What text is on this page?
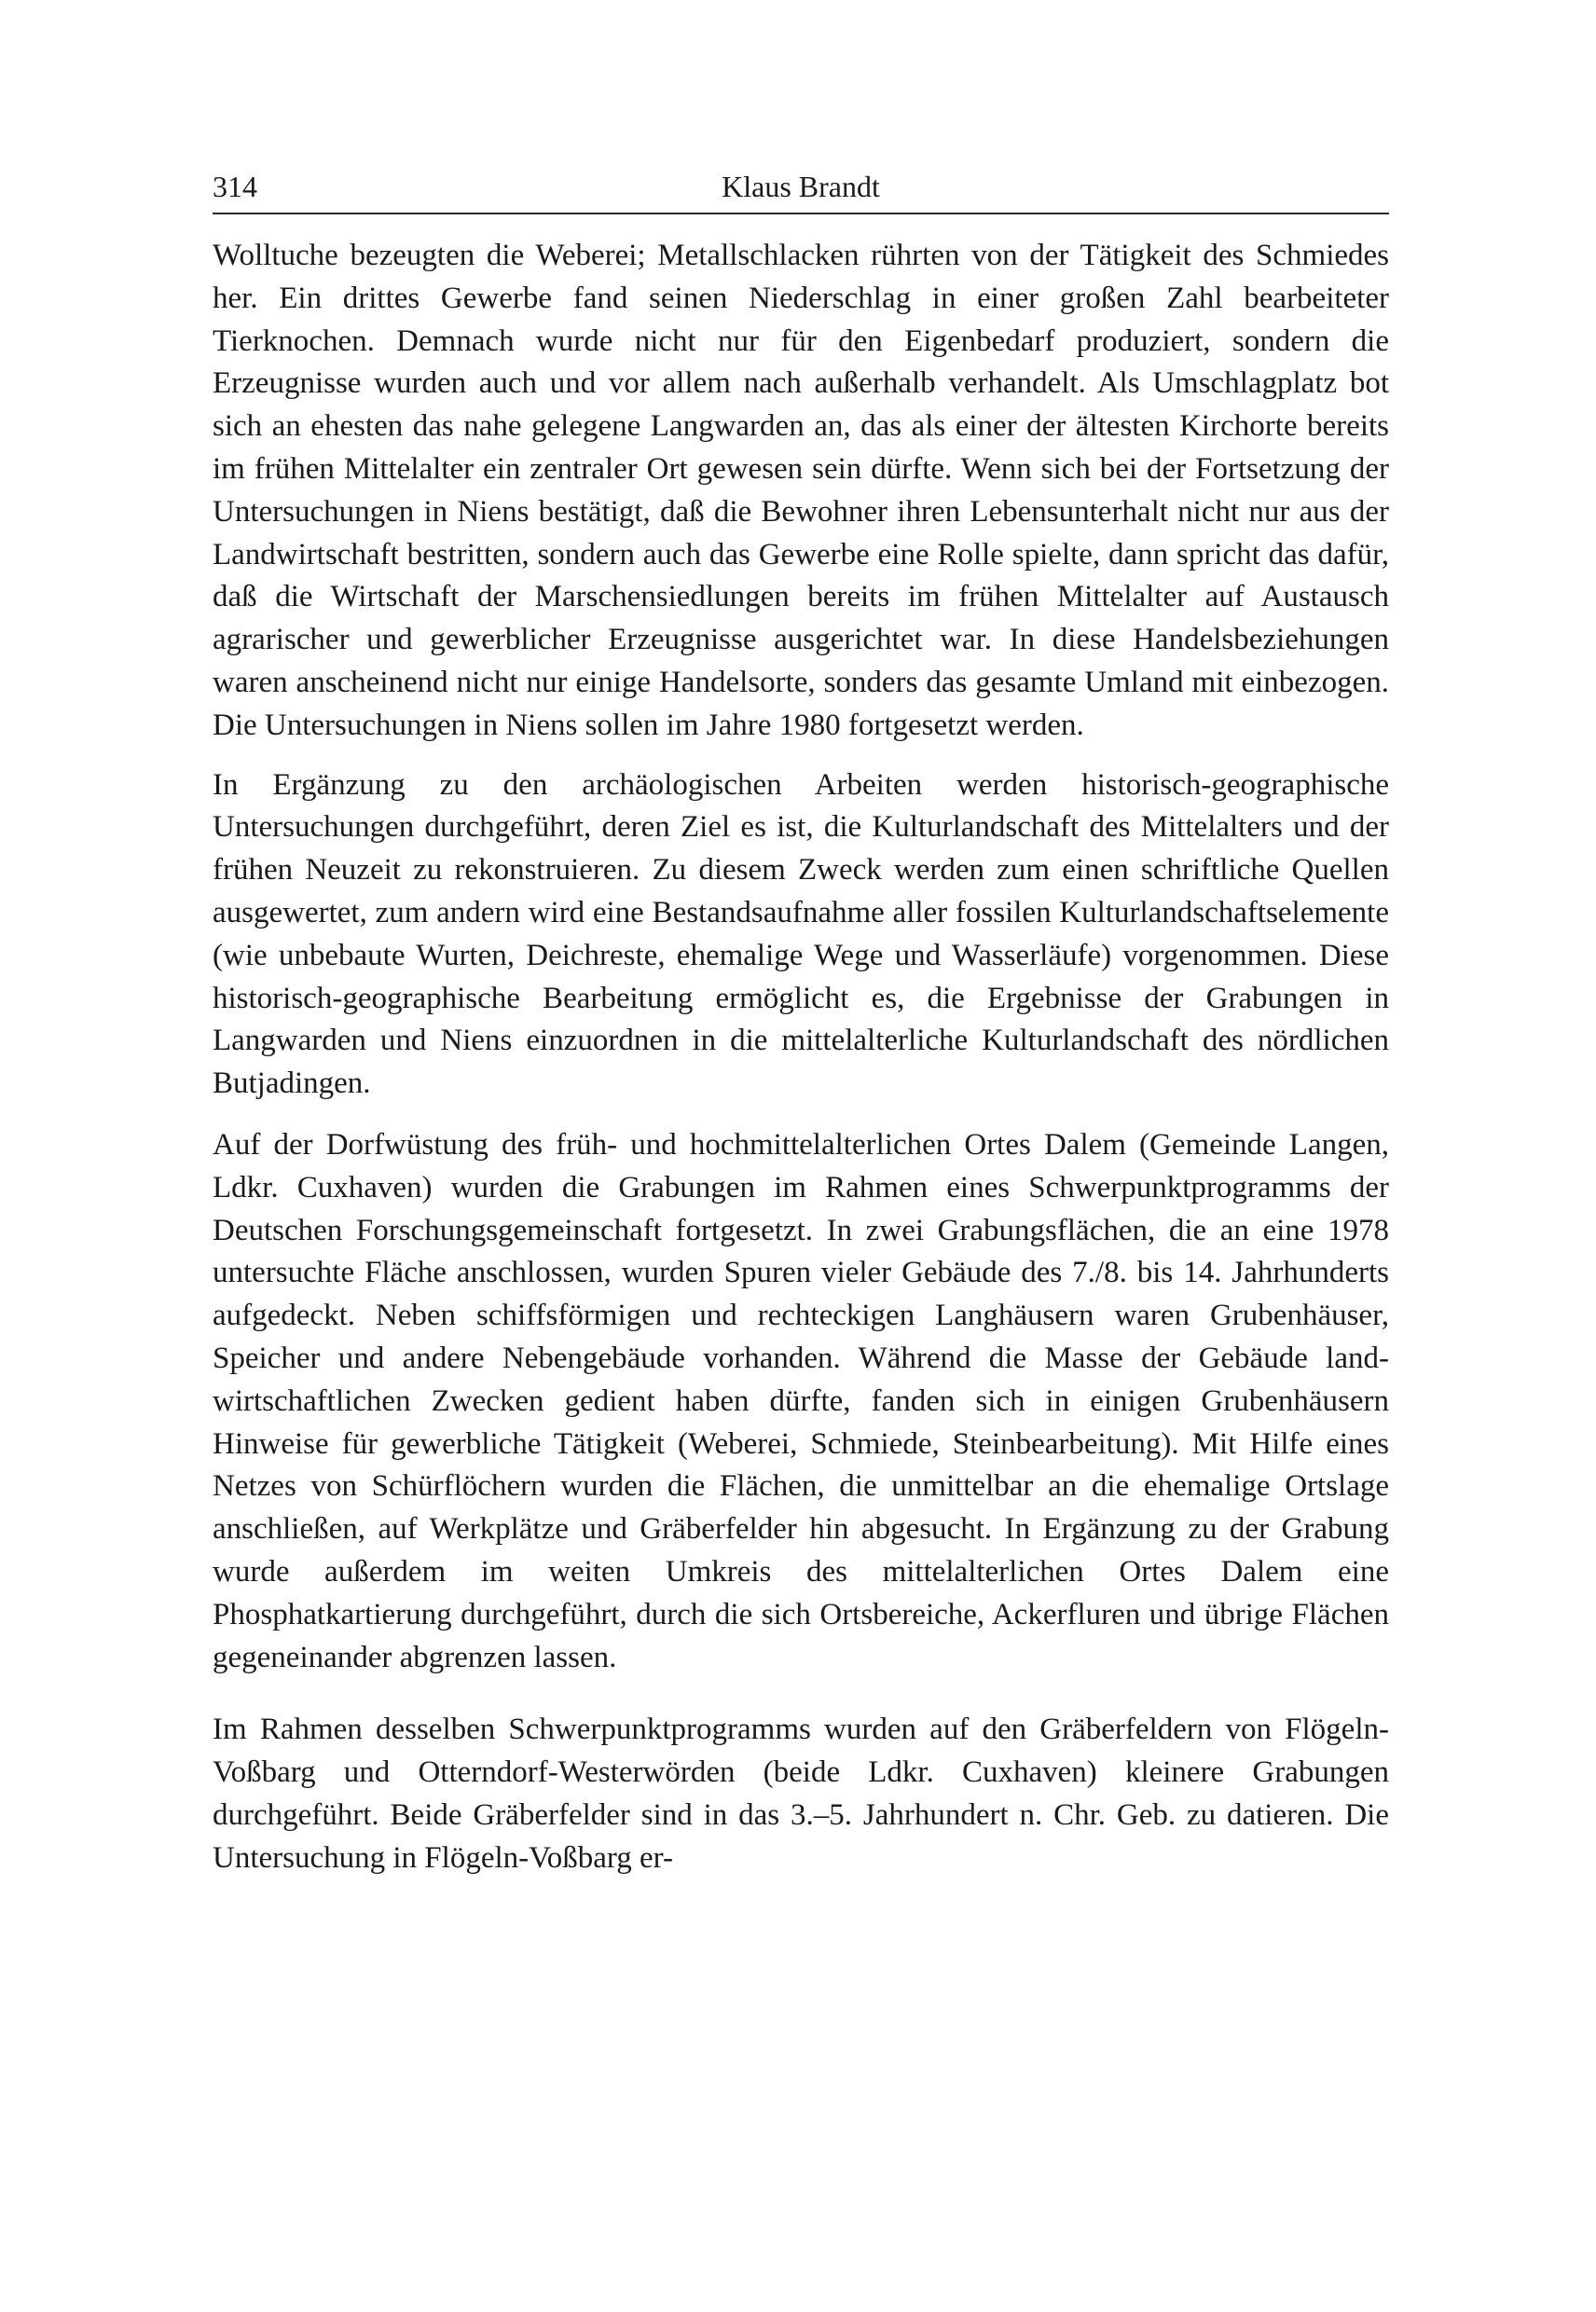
314	Klaus Brandt

Wolltuche bezeugten die Weberei; Metallschlacken rührten von der Tätigkeit des Schmiedes her. Ein drittes Gewerbe fand seinen Niederschlag in einer großen Zahl bearbeiteter Tierknochen. Demnach wurde nicht nur für den Eigenbedarf produziert, sondern die Erzeugnisse wurden auch und vor allem nach außerhalb verhandelt. Als Umschlagplatz bot sich an ehesten das nahe gelegene Langwarden an, das als einer der ältesten Kirchorte bereits im frühen Mittelalter ein zentraler Ort gewesen sein dürfte. Wenn sich bei der Fortsetzung der Untersuchungen in Niens bestätigt, daß die Bewohner ihren Lebensunterhalt nicht nur aus der Landwirtschaft bestritten, sondern auch das Gewerbe eine Rolle spielte, dann spricht das dafür, daß die Wirtschaft der Marschensiedlungen bereits im frühen Mittelalter auf Austausch agrarischer und gewerblicher Erzeugnisse ausgerichtet war. In diese Handelsbeziehungen waren anscheinend nicht nur einige Handelsorte, sonders das gesamte Umland mit einbezogen. Die Untersuchungen in Niens sollen im Jahre 1980 fortgesetzt werden.

In Ergänzung zu den archäologischen Arbeiten werden historisch-geographische Untersuchungen durchgeführt, deren Ziel es ist, die Kulturlandschaft des Mittelalters und der frühen Neuzeit zu rekonstruieren. Zu diesem Zweck werden zum einen schriftliche Quellen ausgewertet, zum andern wird eine Bestandsaufnahme aller fossilen Kulturlandschaftselemente (wie unbebaute Wurten, Deichreste, ehemalige Wege und Wasserläufe) vorgenommen. Diese historisch-geographische Bearbeitung ermöglicht es, die Ergebnisse der Grabungen in Langwarden und Niens einzuordnen in die mittelalterliche Kulturlandschaft des nördlichen Butjadingen.

Auf der Dorfwüstung des früh- und hochmittelalterlichen Ortes Dalem (Gemeinde Langen, Ldkr. Cuxhaven) wurden die Grabungen im Rahmen eines Schwerpunktprogramms der Deutschen Forschungsgemeinschaft fortgesetzt. In zwei Grabungsflächen, die an eine 1978 untersuchte Fläche anschlossen, wurden Spuren vieler Gebäude des 7./8. bis 14. Jahrhunderts aufgedeckt. Neben schiffsförmigen und rechteckigen Langhäusern waren Grubenhäuser, Speicher und andere Nebengebäude vorhanden. Während die Masse der Gebäude landwirtschaftlichen Zwecken gedient haben dürfte, fanden sich in einigen Grubenhäusern Hinweise für gewerbliche Tätigkeit (Weberei, Schmiede, Steinbearbeitung). Mit Hilfe eines Netzes von Schürflöchern wurden die Flächen, die unmittelbar an die ehemalige Ortslage anschließen, auf Werkplätze und Gräberfelder hin abgesucht. In Ergänzung zu der Grabung wurde außerdem im weiten Umkreis des mittelalterlichen Ortes Dalem eine Phosphatkartierung durchgeführt, durch die sich Ortsbereiche, Ackerfluren und übrige Flächen gegeneinander abgrenzen lassen.

Im Rahmen desselben Schwerpunktprogramms wurden auf den Gräberfeldern von Flögeln-Voßbarg und Otterndorf-Westerwörden (beide Ldkr. Cuxhaven) kleinere Grabungen durchgeführt. Beide Gräberfelder sind in das 3.–5. Jahrhundert n. Chr. Geb. zu datieren. Die Untersuchung in Flögeln-Voßbarg er-
